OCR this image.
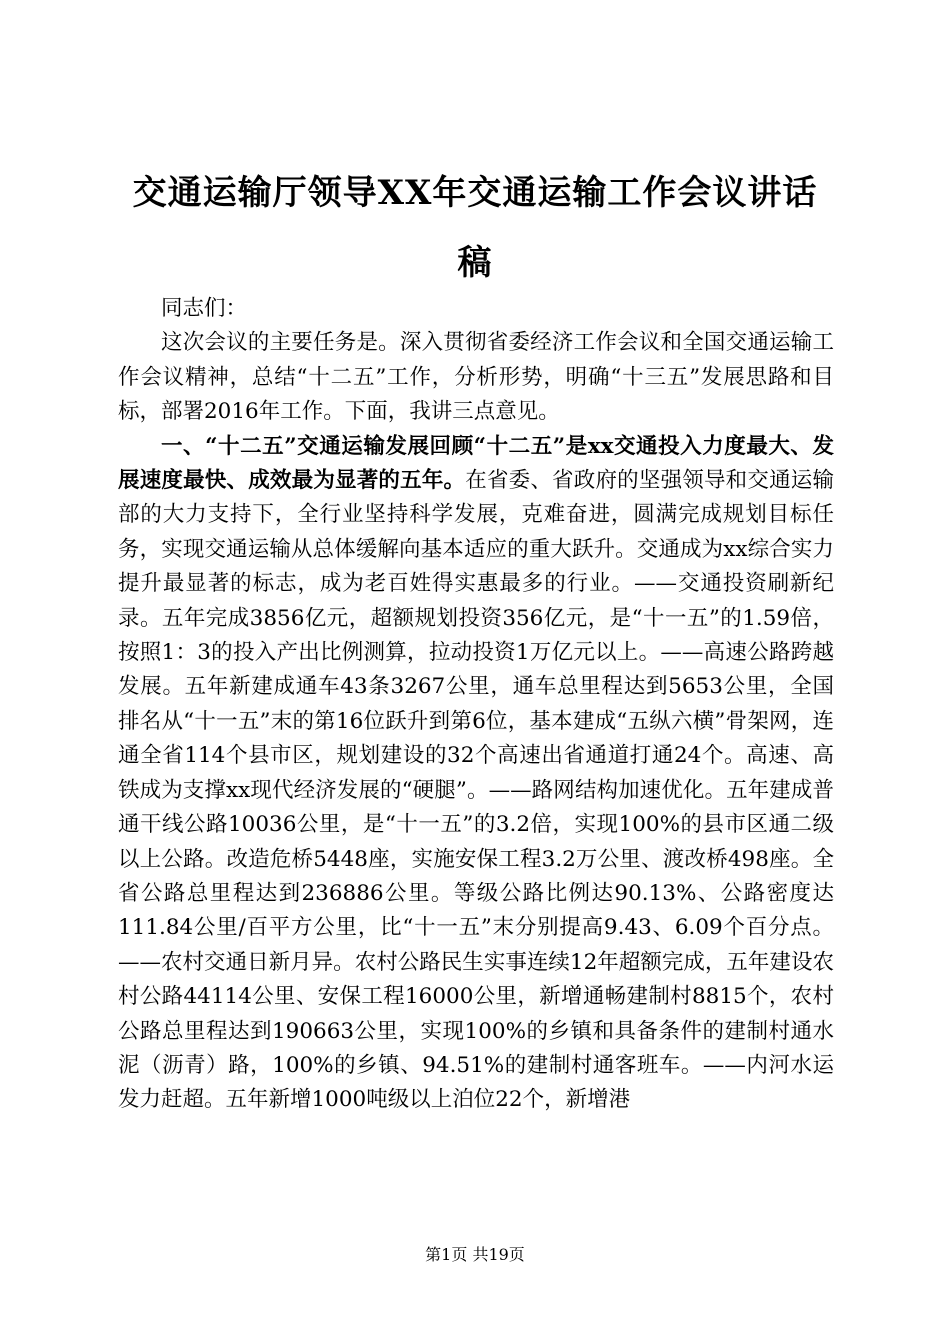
交通运输厅领导XX年交通运输工作会议讲话稿

同志们：

这次会议的主要任务是。深入贯彻省委经济工作会议和全国交通运输工作会议精神，总结“十二五”工作，分析形势，明确“十三五”发展思路和目标，部署2016年工作。下面，我讲三点意见。

一、“十二五”交通运输发展回顾“十二五”是xx交通投入力度最大、发展速度最快、成效最为显著的五年。在省委、省政府的坚强领导和交通运输部的大力支持下，全行业坚持科学发展，克难奋进，圆满完成规划目标任务，实现交通运输从总体缓解向基本适应的重大跃升。交通成为xx综合实力提升最显著的标志，成为老百姓得实惠最多的行业。——交通投资刷新纪录。五年完成3856亿元，超额规划投资356亿元，是“十一五”的1.59倍，按照1：3的投入产出比例测算，拉动投资1万亿元以上。——高速公路跨越发展。五年新建成通车43条3267公里，通车总里程达到5653公里，全国排名从“十一五”末的第16位跃升到第6位，基本建成“五纵六横”骨架网，连通全省114个县市区，规划建设的32个高速出省通道打通24个。高速、高铁成为支撑xx现代经济发展的“硬腿”。——路网结构加速优化。五年建成普通干线公路10036公里，是“十一五”的3.2倍，实现100%的县市区通二级以上公路。改造危桥5448座，实施安保工程3.2万公里、渡改桥498座。全省公路总里程达到236886公里。等级公路比例达90.13%、公路密度达111.84公里/百平方公里，比“十一五”末分别提高9.43、6.09个百分点。——农村交通日新月异。农村公路民生实事连续12年超额完成，五年建设农村公路44114公里、安保工程16000公里，新增通畅建制村8815个，农村公路总里程达到190663公里，实现100%的乡镇和具备条件的建制村通水泥（沥青）路，100%的乡镇、94.51%的建制村通客班车。——内河水运发力赶超。五年新增1000吨级以上泊位22个，新增港

第1页 共19页
